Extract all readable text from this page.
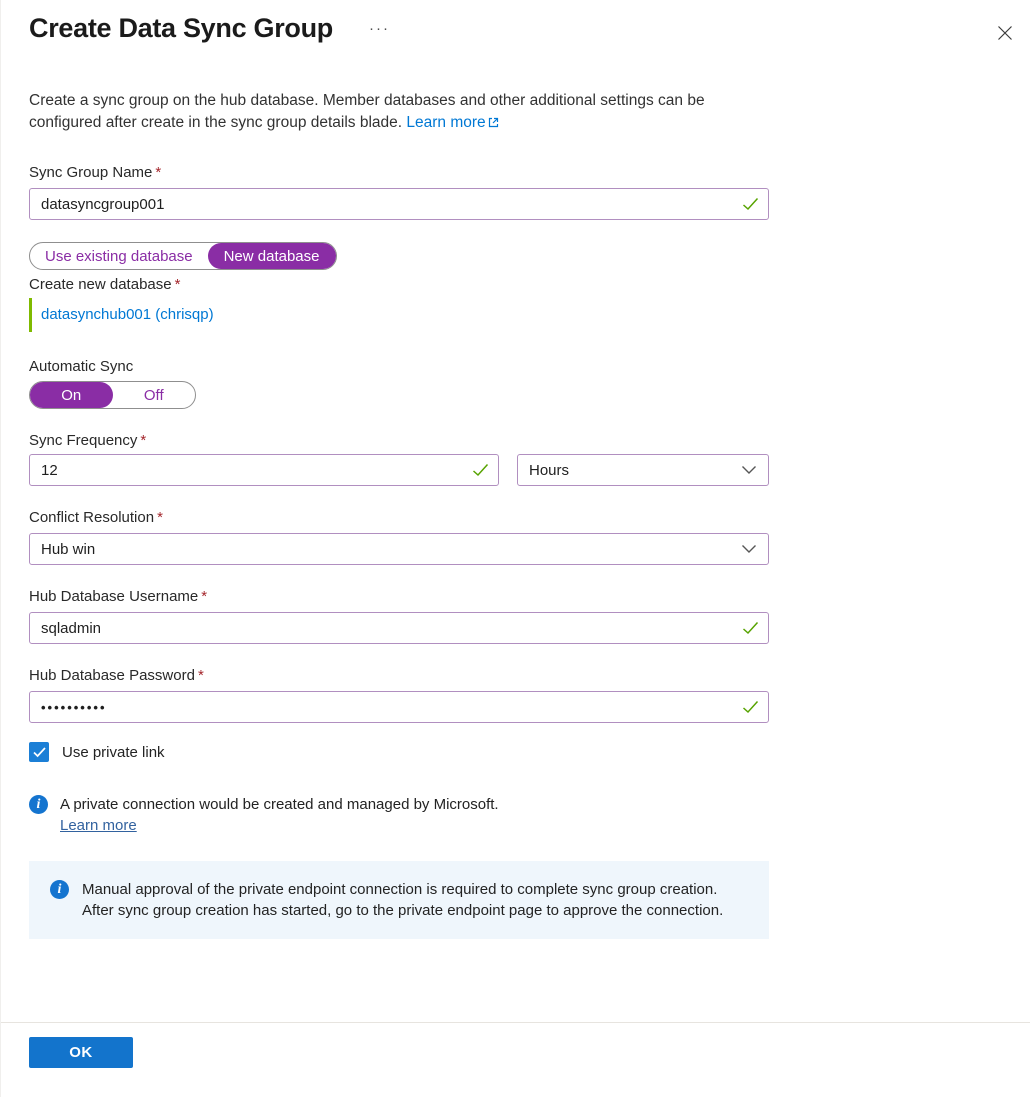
Create Data Sync Group ···

Create a sync group on the hub database. Member databases and other additional settings can be configured after create in the sync group details blade. Learn more

Sync Group Name *
datasyncgroup001
Use existing database	New database
Create new database *
datasynchub001 (chrisqp)
Automatic Sync
On	Off
Sync Frequency *
12
Hours
Conflict Resolution *
Hub win
Hub Database Username *
sqladmin
Hub Database Password *
••••••••••
Use private link
i	A private connection would be created and managed by Microsoft.
Learn more
i	Manual approval of the private endpoint connection is required to complete sync group creation. After sync group creation has started, go to the private endpoint page to approve the connection.
OK
